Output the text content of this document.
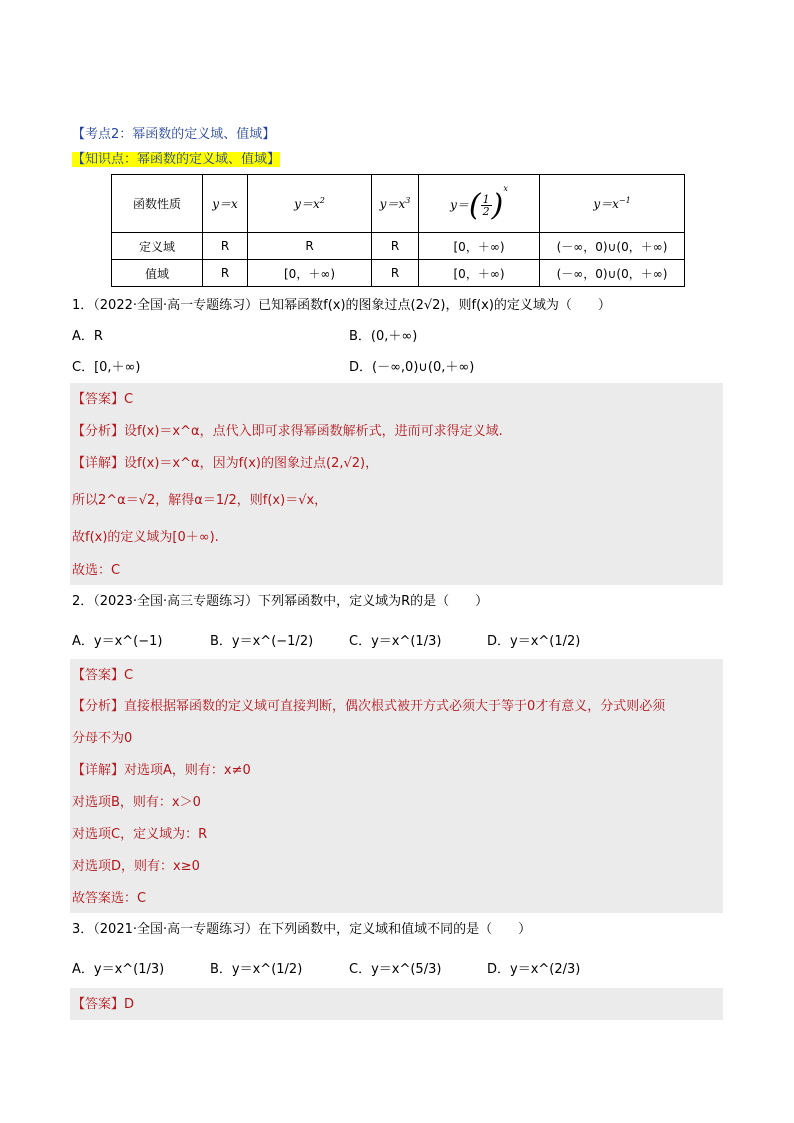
【考点2：幂函数的定义域、值域】
【知识点：幂函数的定义域、值域】
函数性质	y＝x	$y=x^2$	$y=x^3$	$y=( \frac{1}{2} )^x$	$y=x^{-1}$
定义域	R	R	R	[0，＋∞)	(－∞，0)∪(0，＋∞)
值域	R	[0，＋∞)	R	[0，＋∞)	(－∞，0)∪(0，＋∞)
1．（2022·全国·高一专题练习）已知幂函数f(x)的图象过点(2√2)，则f(x)的定义域为（　　）
A．R	B．(0,＋∞)
C．[0,＋∞)	D．(－∞,0)∪(0,＋∞)
【答案】C
【分析】设f(x)＝x^α，点代入即可求得幂函数解析式，进而可求得定义域.
【详解】设f(x)＝x^α，因为f(x)的图象过点(2,√2)，
所以2^α＝√2，解得α＝1/2，则f(x)＝√x，
故f(x)的定义域为[0＋∞).
故选：C
2．（2023·全国·高三专题练习）下列幂函数中，定义域为R的是（　　）
A．y＝x^(−1)	B．y＝x^(−1/2)	C．y＝x^(1/3)	D．y＝x^(1/2)
【答案】C
【分析】直接根据幂函数的定义域可直接判断，偶次根式被开方式必须大于等于0才有意义，分式则必须
分母不为0
【详解】对选项A，则有：x≠0
对选项B，则有：x＞0
对选项C，定义域为：R
对选项D，则有：x≥0
故答案选：C
3．（2021·全国·高一专题练习）在下列函数中，定义域和值域不同的是（　　）
A．y＝x^(1/3)	B．y＝x^(1/2)	C．y＝x^(5/3)	D．y＝x^(2/3)
【答案】D
